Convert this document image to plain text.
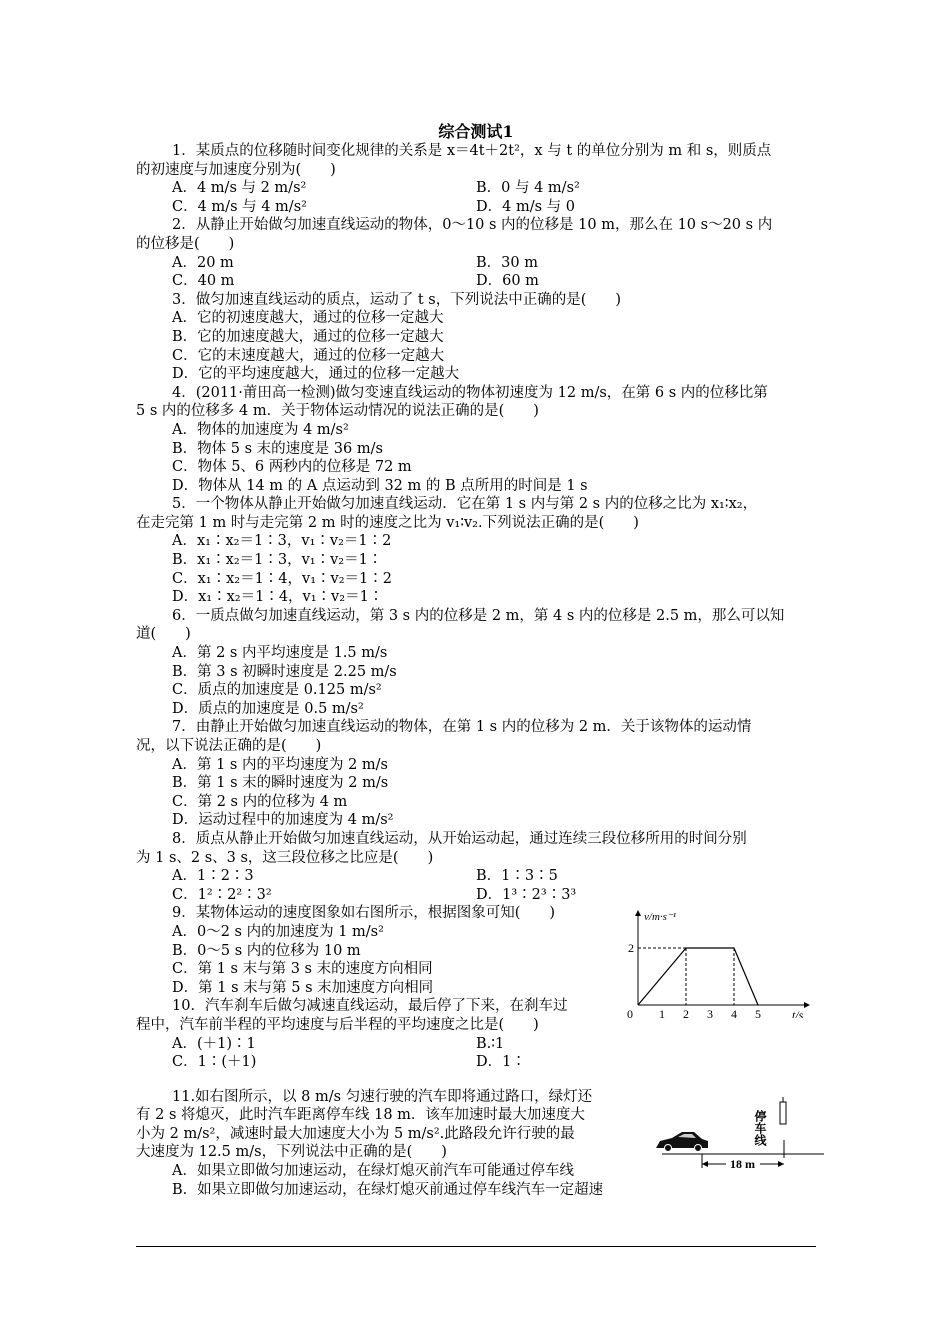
综合测试1
1．某质点的位移随时间变化规律的关系是 x＝4t＋2t²，x 与 t 的单位分别为 m 和 s，则质点
的初速度与加速度分别为(　　)
A．4 m/s 与 2 m/s²	B．0 与 4 m/s²
C．4 m/s 与 4 m/s²	D．4 m/s 与 0
2．从静止开始做匀加速直线运动的物体，0～10 s 内的位移是 10 m，那么在 10 s～20 s 内
的位移是(　　)
A．20 m	B．30 m
C．40 m	D．60 m
3．做匀加速直线运动的质点，运动了 t s，下列说法中正确的是(　　)
A．它的初速度越大，通过的位移一定越大
B．它的加速度越大，通过的位移一定越大
C．它的末速度越大，通过的位移一定越大
D．它的平均速度越大，通过的位移一定越大
4．(2011·莆田高一检测)做匀变速直线运动的物体初速度为 12 m/s，在第 6 s 内的位移比第
5 s 内的位移多 4 m．关于物体运动情况的说法正确的是(　　)
A．物体的加速度为 4 m/s²
B．物体 5 s 末的速度是 36 m/s
C．物体 5、6 两秒内的位移是 72 m
D．物体从 14 m 的 A 点运动到 32 m 的 B 点所用的时间是 1 s
5．一个物体从静止开始做匀加速直线运动．它在第 1 s 内与第 2 s 内的位移之比为 x₁∶x₂，
在走完第 1 m 时与走完第 2 m 时的速度之比为 v₁∶v₂.下列说法正确的是(　　)
A．x₁∶x₂＝1∶3，v₁∶v₂＝1∶2
B．x₁∶x₂＝1∶3，v₁∶v₂＝1∶
C．x₁∶x₂＝1∶4，v₁∶v₂＝1∶2
D．x₁∶x₂＝1∶4，v₁∶v₂＝1∶
6．一质点做匀加速直线运动，第 3 s 内的位移是 2 m，第 4 s 内的位移是 2.5 m，那么可以知
道(　　)
A．第 2 s 内平均速度是 1.5 m/s
B．第 3 s 初瞬时速度是 2.25 m/s
C．质点的加速度是 0.125 m/s²
D．质点的加速度是 0.5 m/s²
7．由静止开始做匀加速直线运动的物体，在第 1 s 内的位移为 2 m．关于该物体的运动情
况，以下说法正确的是(　　)
A．第 1 s 内的平均速度为 2 m/s
B．第 1 s 末的瞬时速度为 2 m/s
C．第 2 s 内的位移为 4 m
D．运动过程中的加速度为 4 m/s²
8．质点从静止开始做匀加速直线运动，从开始运动起，通过连续三段位移所用的时间分别
为 1 s、2 s、3 s，这三段位移之比应是(　　)
A．1∶2∶3	B．1∶3∶5
C．1²∶2²∶3²	D．1³∶2³∶3³
9．某物体运动的速度图象如右图所示，根据图象可知(　　)
A．0～2 s 内的加速度为 1 m/s²
B．0～5 s 内的位移为 10 m
C．第 1 s 末与第 3 s 末的速度方向相同
D．第 1 s 末与第 5 s 末加速度方向相同
10．汽车刹车后做匀减速直线运动，最后停了下来，在刹车过
程中，汽车前半程的平均速度与后半程的平均速度之比是(　　)
A．(＋1)∶1	B.∶1
C．1∶(＋1)	D．1∶
11.如右图所示，以 8 m/s 匀速行驶的汽车即将通过路口，绿灯还
有 2 s 将熄灭，此时汽车距离停车线 18 m．该车加速时最大加速度大
小为 2 m/s²，减速时最大加速度大小为 5 m/s².此路段允许行驶的最
大速度为 12.5 m/s，下列说法中正确的是(　　)
A．如果立即做匀加速运动，在绿灯熄灭前汽车可能通过停车线
B．如果立即做匀加速运动，在绿灯熄灭前通过停车线汽车一定超速
v/m·s⁻¹
t/s
2
0 1 2 3 4 5
停车线
18 m
